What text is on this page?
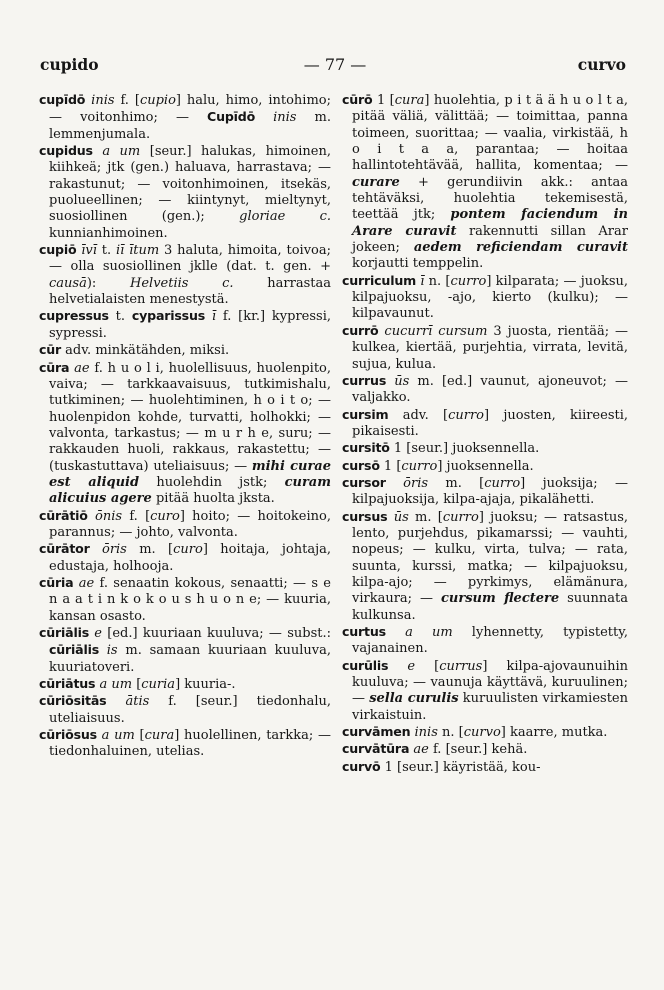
cupido	— 77 —	curvo

cupīdō inis f. [cupio] halu, himo, intohimo; — voitonhimo; — Cupīdō inis m. lemmenjumala.

cupidus a um [seur.] halukas, himoinen, kiihkeä; jtk (gen.) haluava, harrastava; — rakastunut; — voitonhimoinen, itsekäs, puolueellinen; — kiintynyt, mieltynyt, suosiollinen (gen.); gloriae c. kunnianhimoinen.

cupiō īvī t. iī ītum 3 haluta, himoita, toivoa; — olla suosiollinen jklle (dat. t. gen. + causā): Helvetiis c. harrastaa helvetialaisten menestystä.

cupressus t. cyparissus ī f. [kr.] kypressi, sypressi.

cūr adv. minkätähden, miksi.

cūra ae f. h u o l i, huolellisuus, huolenpito, vaiva; — tarkkaavaisuus, tutkimishalu, tutkiminen; — huolehtiminen, h o i t o; — huolenpidon kohde, turvatti, holhokki; — valvonta, tarkastus; — m u r h e, suru; — rakkauden huoli, rakkaus, rakastettu; — (tuskastuttava) uteliaisuus; — mihi curae est aliquid huolehdin jstk; curam alicuius agere pitää huolta jksta.

cūrātiō ōnis f. [curo] hoito; — hoitokeino, parannus; — johto, valvonta.

cūrātor ōris m. [curo] hoitaja, johtaja, edustaja, holhooja.

cūria ae f. senaatin kokous, senaatti; — s e n a a t i n k o k o u s h u o n e; — kuuria, kansan osasto.

cūriālis e [ed.] kuuriaan kuuluva; — subst.: cūriālis is m. samaan kuuriaan kuuluva, kuuriatoveri.

cūriātus a um [curia] kuuria-.

cūriōsitās ātis f. [seur.] tiedonhalu, uteliaisuus.

cūriōsus a um [cura] huolellinen, tarkka; — tiedonhaluinen, utelias.

cūrō 1 [cura] huolehtia, p i t ä ä h u o l t a, pitää väliä, välittää; — toimittaa, panna toimeen, suorittaa; — vaalia, virkistää, h o i t a a, parantaa; — hoitaa hallintotehtävää, hallita, komentaa; — curare + gerundiivin akk.: antaa tehtäväksi, huolehtia tekemisestä, teettää jtk; pontem faciendum in Arare curavit rakennutti sillan Arar jokeen; aedem reficiendam curavit korjautti temppelin.

curriculum ī n. [curro] kilparata; — juoksu, kilpajuoksu, -ajo, kierto (kulku); — kilpavaunut.

currō cucurrī cursum 3 juosta, rientää; — kulkea, kiertää, purjehtia, virrata, levitä, sujua, kulua.

currus ūs m. [ed.] vaunut, ajoneuvot; — valjakko.

cursim adv. [curro] juosten, kiireesti, pikaisesti.

cursitō 1 [seur.] juoksennella.

cursō 1 [curro] juoksennella.

cursor ōris m. [curro] juoksija; — kilpajuoksija, kilpa-ajaja, pikalähetti.

cursus ūs m. [curro] juoksu; — ratsastus, lento, purjehdus, pikamarssi; — vauhti, nopeus; — kulku, virta, tulva; — rata, suunta, kurssi, matka; — kilpajuoksu, kilpa-ajo; — pyrkimys, elämänura, virkaura; — cursum flectere suunnata kulkunsa.

curtus a um lyhennetty, typistetty, vajanainen.

curūlis e [currus] kilpa-ajovaunuihin kuuluva; — vaunuja käyttävä, kuruulinen; — sella curulis kuruulisten virkamiesten virkaistuin.

curvāmen inis n. [curvo] kaarre, mutka.

curvātūra ae f. [seur.] kehä.

curvō 1 [seur.] käyristää, kou-
